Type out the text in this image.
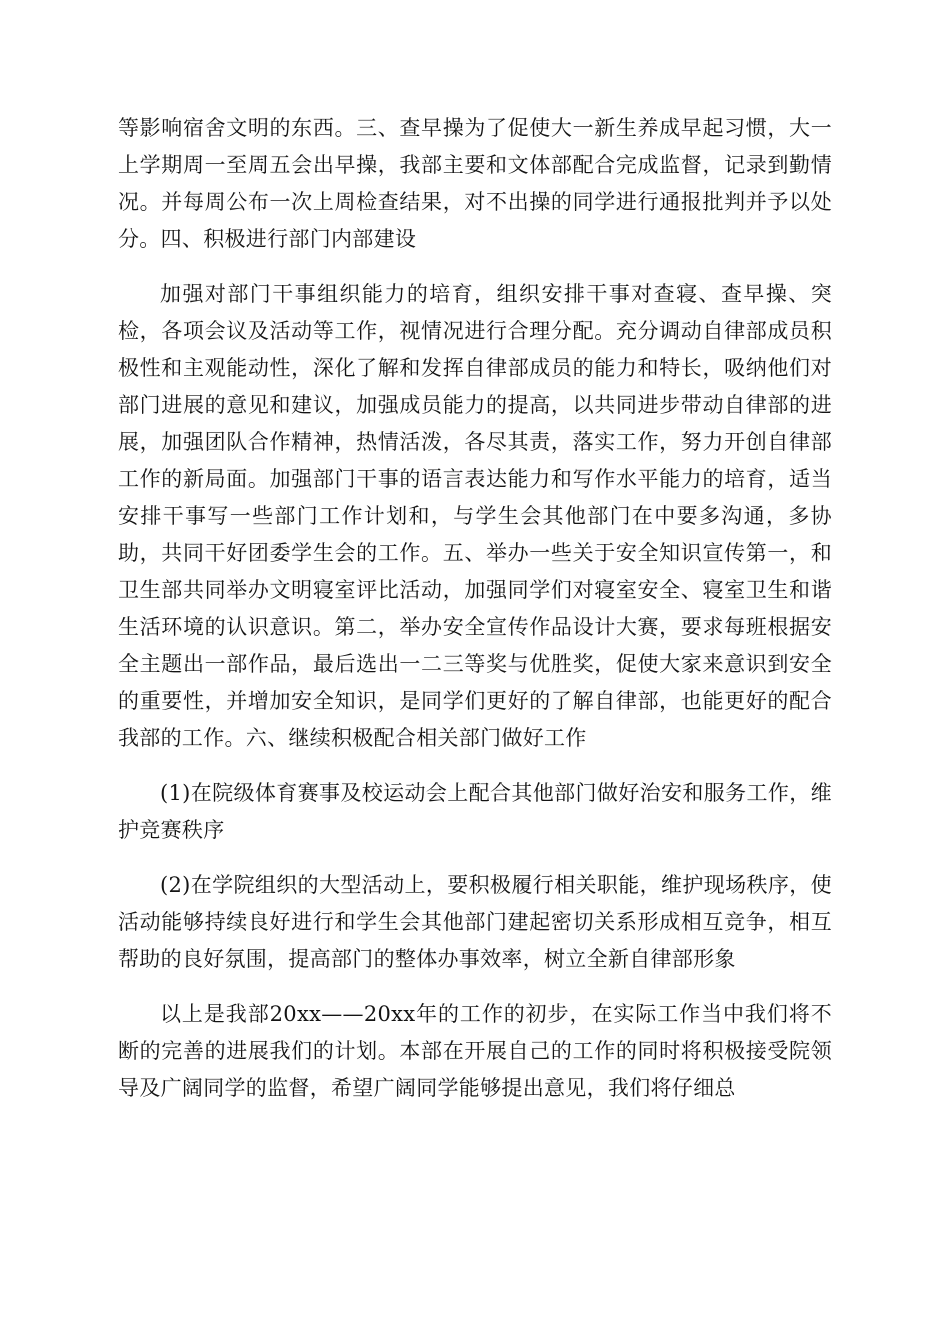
等影响宿舍文明的东西。三、查早操为了促使大一新生养成早起习惯，大一上学期周一至周五会出早操，我部主要和文体部配合完成监督，记录到勤情况。并每周公布一次上周检查结果，对不出操的同学进行通报批判并予以处分。四、积极进行部门内部建设

加强对部门干事组织能力的培育，组织安排干事对查寝、查早操、突检，各项会议及活动等工作，视情况进行合理分配。充分调动自律部成员积极性和主观能动性，深化了解和发挥自律部成员的能力和特长，吸纳他们对部门进展的意见和建议，加强成员能力的提高，以共同进步带动自律部的进展，加强团队合作精神，热情活泼，各尽其责，落实工作，努力开创自律部工作的新局面。加强部门干事的语言表达能力和写作水平能力的培育，适当安排干事写一些部门工作计划和，与学生会其他部门在中要多沟通，多协助，共同干好团委学生会的工作。五、举办一些关于安全知识宣传第一，和卫生部共同举办文明寝室评比活动，加强同学们对寝室安全、寝室卫生和谐生活环境的认识意识。第二，举办安全宣传作品设计大赛，要求每班根据安全主题出一部作品，最后选出一二三等奖与优胜奖，促使大家来意识到安全的重要性，并增加安全知识，是同学们更好的了解自律部，也能更好的配合我部的工作。六、继续积极配合相关部门做好工作

(1)在院级体育赛事及校运动会上配合其他部门做好治安和服务工作，维护竞赛秩序

(2)在学院组织的大型活动上，要积极履行相关职能，维护现场秩序，使活动能够持续良好进行和学生会其他部门建起密切关系形成相互竞争，相互帮助的良好氛围，提高部门的整体办事效率，树立全新自律部形象

以上是我部20xx——20xx年的工作的初步，在实际工作当中我们将不断的完善的进展我们的计划。本部在开展自己的工作的同时将积极接受院领导及广阔同学的监督，希望广阔同学能够提出意见，我们将仔细总
